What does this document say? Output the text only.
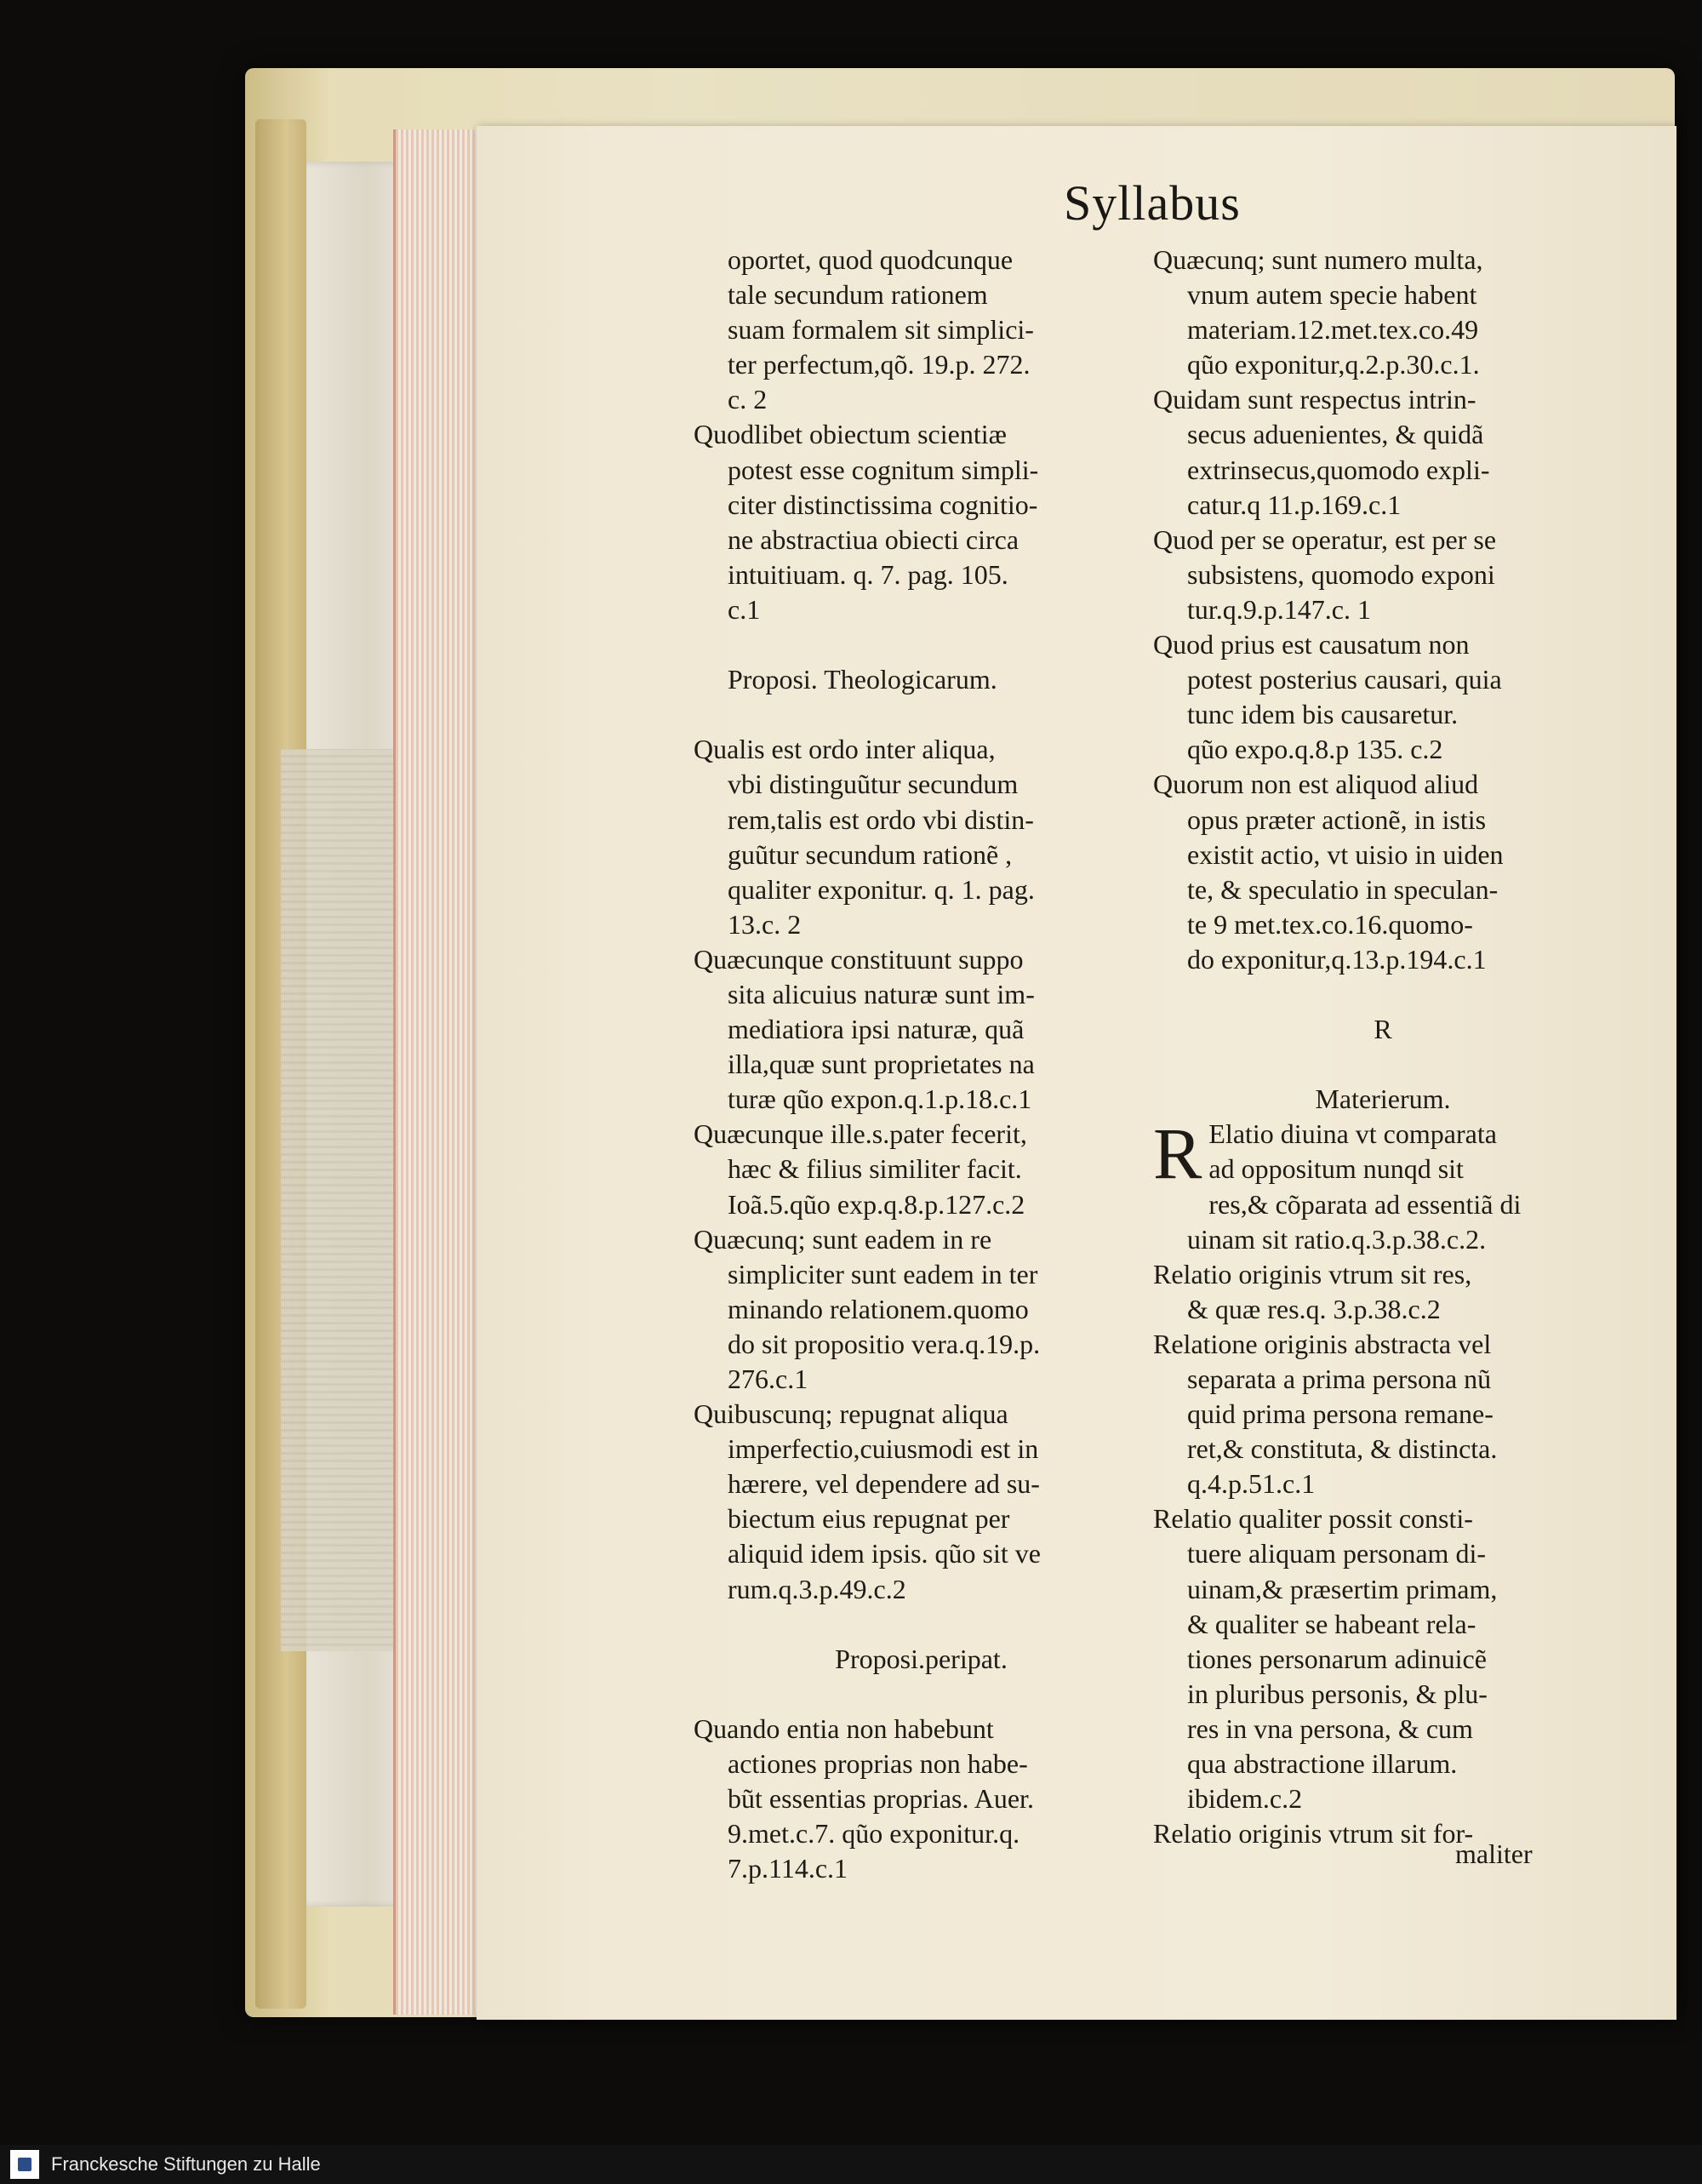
Syllabus
oportet, quod quodcunque
tale secundum rationem
suam formalem sit simplici-
ter perfectum,qõ. 19.p. 272.
c. 2
Quodlibet obiectum scientiæ
potest esse cognitum simpli-
citer distinctissima cognitio-
ne abstractiua obiecti circa
intuitiuam. q. 7. pag. 105.
c.1
Proposi. Theologicarum.
Qualis est ordo inter aliqua,
vbi distinguũtur secundum
rem,talis est ordo vbi distin-
guũtur secundum rationẽ ,
qualiter exponitur. q. 1. pag.
13.c. 2
Quæcunque constituunt suppo
sita alicuius naturæ sunt im-
mediatiora ipsi naturæ, quã
illa,quæ sunt proprietates na
turæ qũo expon.q.1.p.18.c.1
Quæcunque ille.s.pater fecerit,
hæc & filius similiter facit.
Ioã.5.qũo exp.q.8.p.127.c.2
Quæcunq; sunt eadem in re
simpliciter sunt eadem in ter
minando relationem.quomo
do sit propositio vera.q.19.p.
276.c.1
Quibuscunq; repugnat aliqua
imperfectio,cuiusmodi est in
hærere, vel dependere ad su-
biectum eius repugnat per
aliquid idem ipsis. qũo sit ve
rum.q.3.p.49.c.2
Proposi.peripat.
Quando entia non habebunt
actiones proprias non habe-
bũt essentias proprias. Auer.
9.met.c.7. qũo exponitur.q.
7.p.114.c.1
Quæcunq; sunt numero multa,
vnum autem specie habent
materiam.12.met.tex.co.49
qũo exponitur,q.2.p.30.c.1.
Quidam sunt respectus intrin-
secus aduenientes, & quidã
extrinsecus,quomodo expli-
catur.q 11.p.169.c.1
Quod per se operatur, est per se
subsistens, quomodo exponi
tur.q.9.p.147.c. 1
Quod prius est causatum non
potest posterius causari, quia
tunc idem bis causaretur.
qũo expo.q.8.p 135. c.2
Quorum non est aliquod aliud
opus præter actionẽ, in istis
existit actio, vt uisio in uiden
te, & speculatio in speculan-
te 9 met.tex.co.16.quomo-
do exponitur,q.13.p.194.c.1
R
Materierum.
R Elatio diuina vt comparata
ad oppositum nunqd sit
res,& cõparata ad essentiã di
uinam sit ratio.q.3.p.38.c.2.
Relatio originis vtrum sit res,
& quæ res.q. 3.p.38.c.2
Relatione originis abstracta vel
separata a prima persona nũ
quid prima persona remane-
ret,& constituta, & distincta.
q.4.p.51.c.1
Relatio qualiter possit consti-
tuere aliquam personam di-
uinam,& præsertim primam,
& qualiter se habeant rela-
tiones personarum adinuicẽ
in pluribus personis, & plu-
res in vna persona, & cum
qua abstractione illarum.
ibidem.c.2
Relatio originis vtrum sit for-
maliter
Franckesche Stiftungen zu Halle
